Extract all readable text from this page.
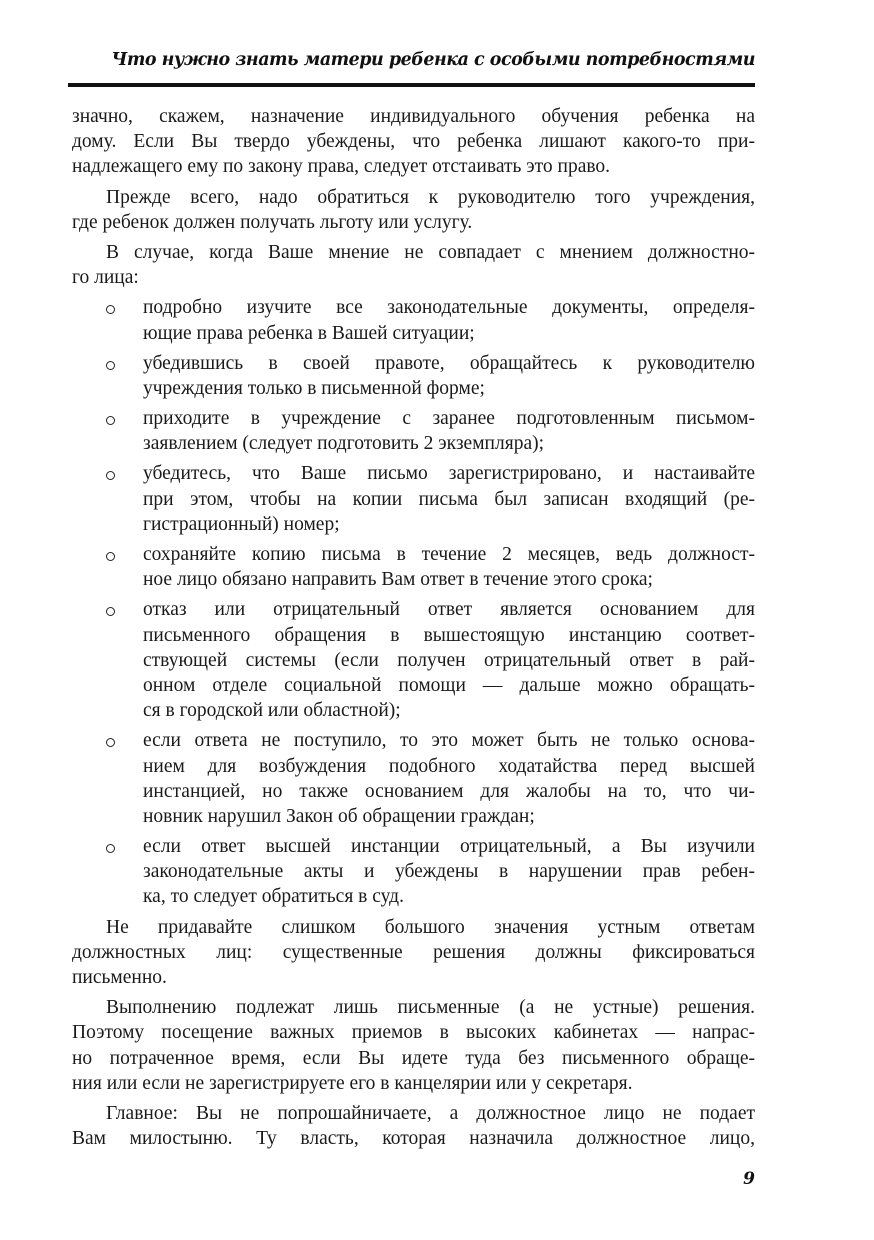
Что нужно знать матери ребенка с особыми потребностями
значно, скажем, назначение индивидуального обучения ребенка на
дому. Если Вы твердо убеждены, что ребенка лишают какого-то при-
надлежащего ему по закону права, следует отстаивать это право.
Прежде всего, надо обратиться к руководителю того учреждения,
где ребенок должен получать льготу или услугу.
В случае, когда Ваше мнение не совпадает с мнением должностно-
го лица:
подробно изучите все законодательные документы, определя-
ющие права ребенка в Вашей ситуации;
убедившись в своей правоте, обращайтесь к руководителю
учреждения только в письменной форме;
приходите в учреждение с заранее подготовленным письмом-
заявлением (следует подготовить 2 экземпляра);
убедитесь, что Ваше письмо зарегистрировано, и настаивайте
при этом, чтобы на копии письма был записан входящий (ре-
гистрационный) номер;
сохраняйте копию письма в течение 2 месяцев, ведь должност-
ное лицо обязано направить Вам ответ в течение этого срока;
отказ или отрицательный ответ является основанием для
письменного обращения в вышестоящую инстанцию соответ-
ствующей системы (если получен отрицательный ответ в рай-
онном отделе социальной помощи — дальше можно обращать-
ся в городской или областной);
если ответа не поступило, то это может быть не только основа-
нием для возбуждения подобного ходатайства перед высшей
инстанцией, но также основанием для жалобы на то, что чи-
новник нарушил Закон об обращении граждан;
если ответ высшей инстанции отрицательный, а Вы изучили
законодательные акты и убеждены в нарушении прав ребен-
ка, то следует обратиться в суд.
Не придавайте слишком большого значения устным ответам
должностных лиц: существенные решения должны фиксироваться
письменно.
Выполнению подлежат лишь письменные (а не устные) решения.
Поэтому посещение важных приемов в высоких кабинетах — напрас-
но потраченное время, если Вы идете туда без письменного обраще-
ния или если не зарегистрируете его в канцелярии или у секретаря.
Главное: Вы не попрошайничаете, а должностное лицо не подает
Вам милостыню. Ту власть, которая назначила должностное лицо,
9
